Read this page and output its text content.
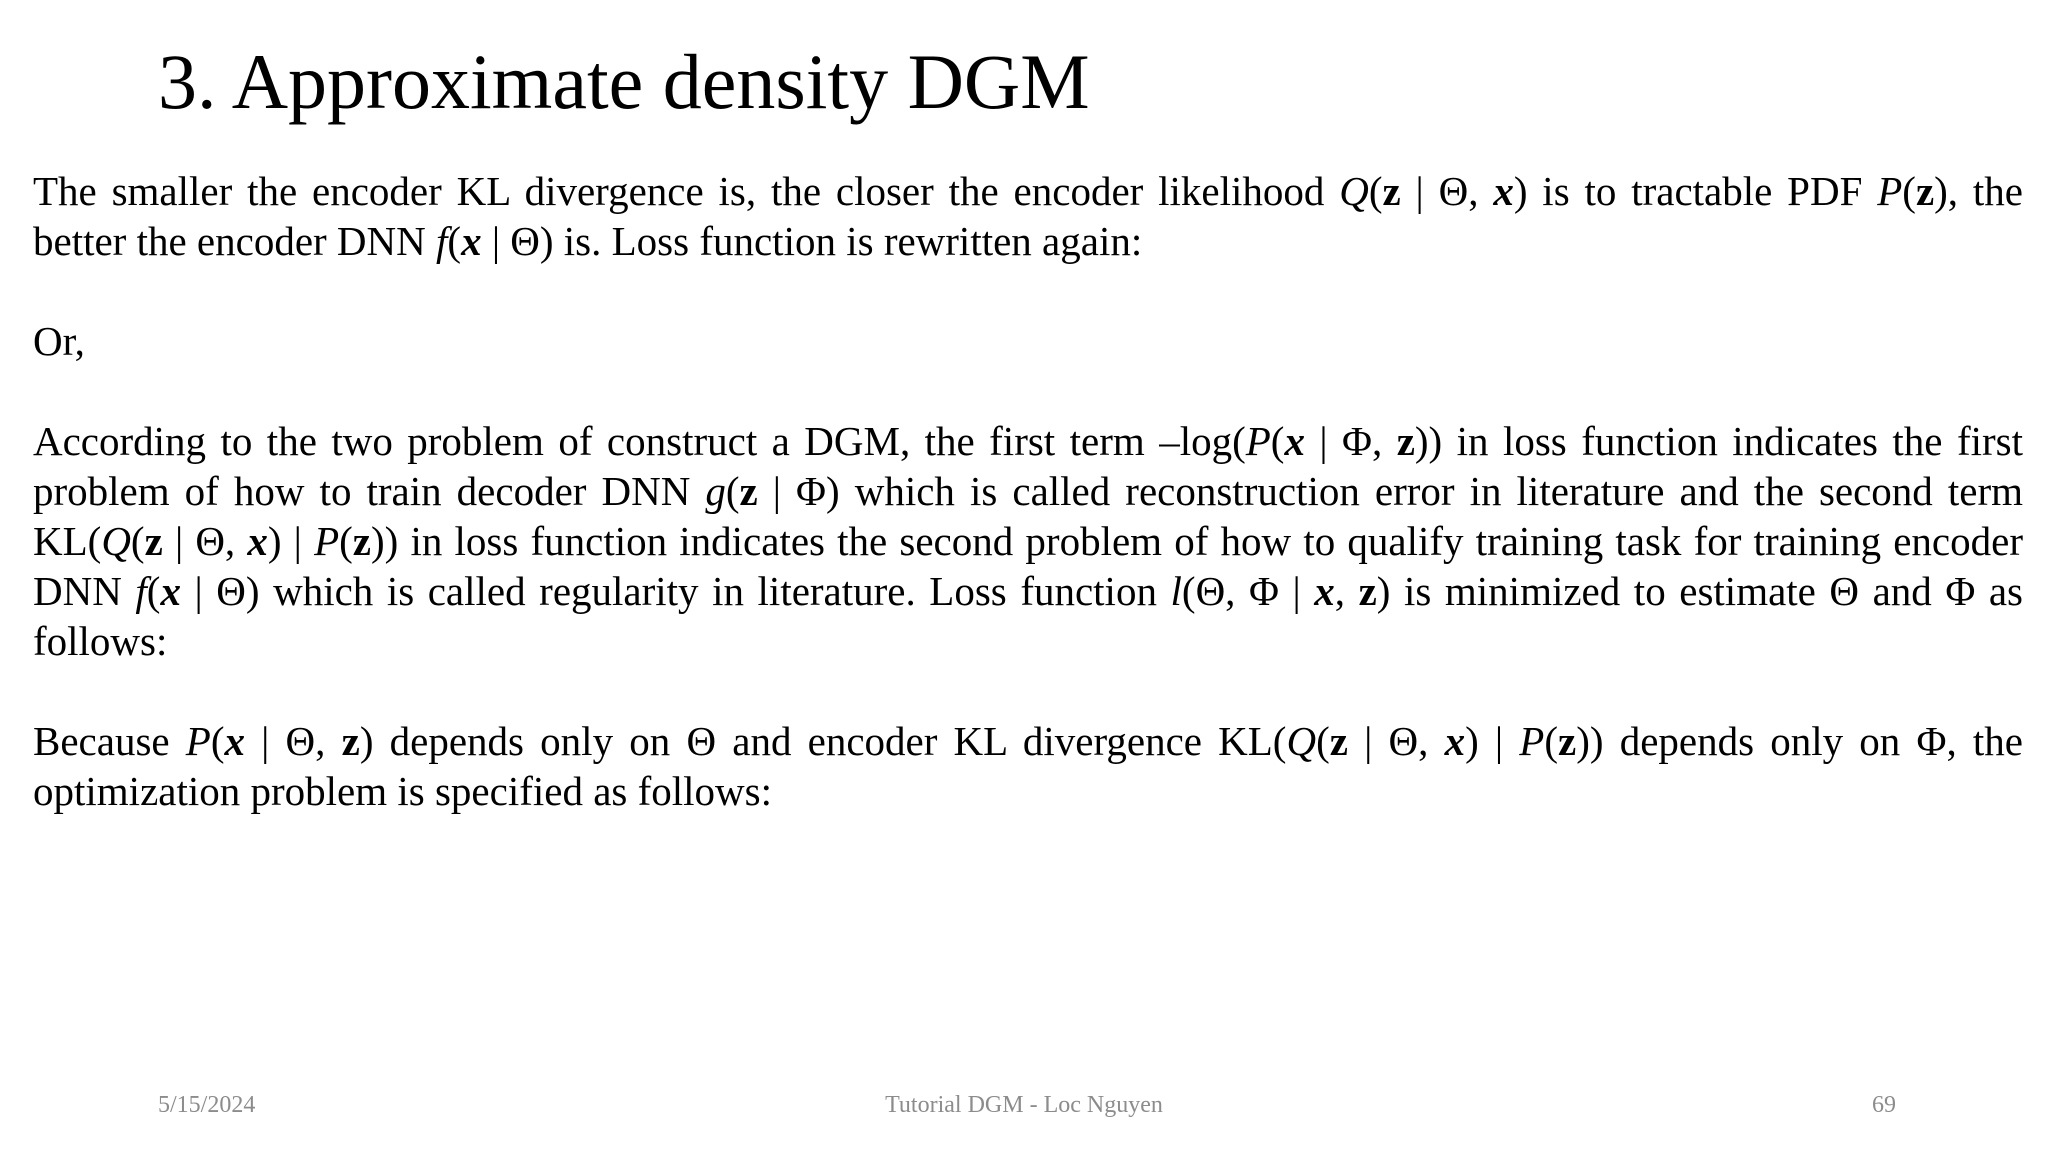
3. Approximate density DGM

The smaller the encoder KL divergence is, the closer the encoder likelihood Q(z | Θ, x) is to tractable PDF P(z), the better the encoder DNN f(x | Θ) is. Loss function is rewritten again:

Or,

According to the two problem of construct a DGM, the first term –log(P(x | Φ, z)) in loss function indicates the first problem of how to train decoder DNN g(z | Φ) which is called reconstruction error in literature and the second term KL(Q(z | Θ, x) | P(z)) in loss function indicates the second problem of how to qualify training task for training encoder DNN f(x | Θ) which is called regularity in literature. Loss function l(Θ, Φ | x, z) is minimized to estimate Θ and Φ as follows:

Because P(x | Θ, z) depends only on Θ and encoder KL divergence KL(Q(z | Θ, x) | P(z)) depends only on Φ, the optimization problem is specified as follows:

5/15/2024	Tutorial DGM - Loc Nguyen	69
